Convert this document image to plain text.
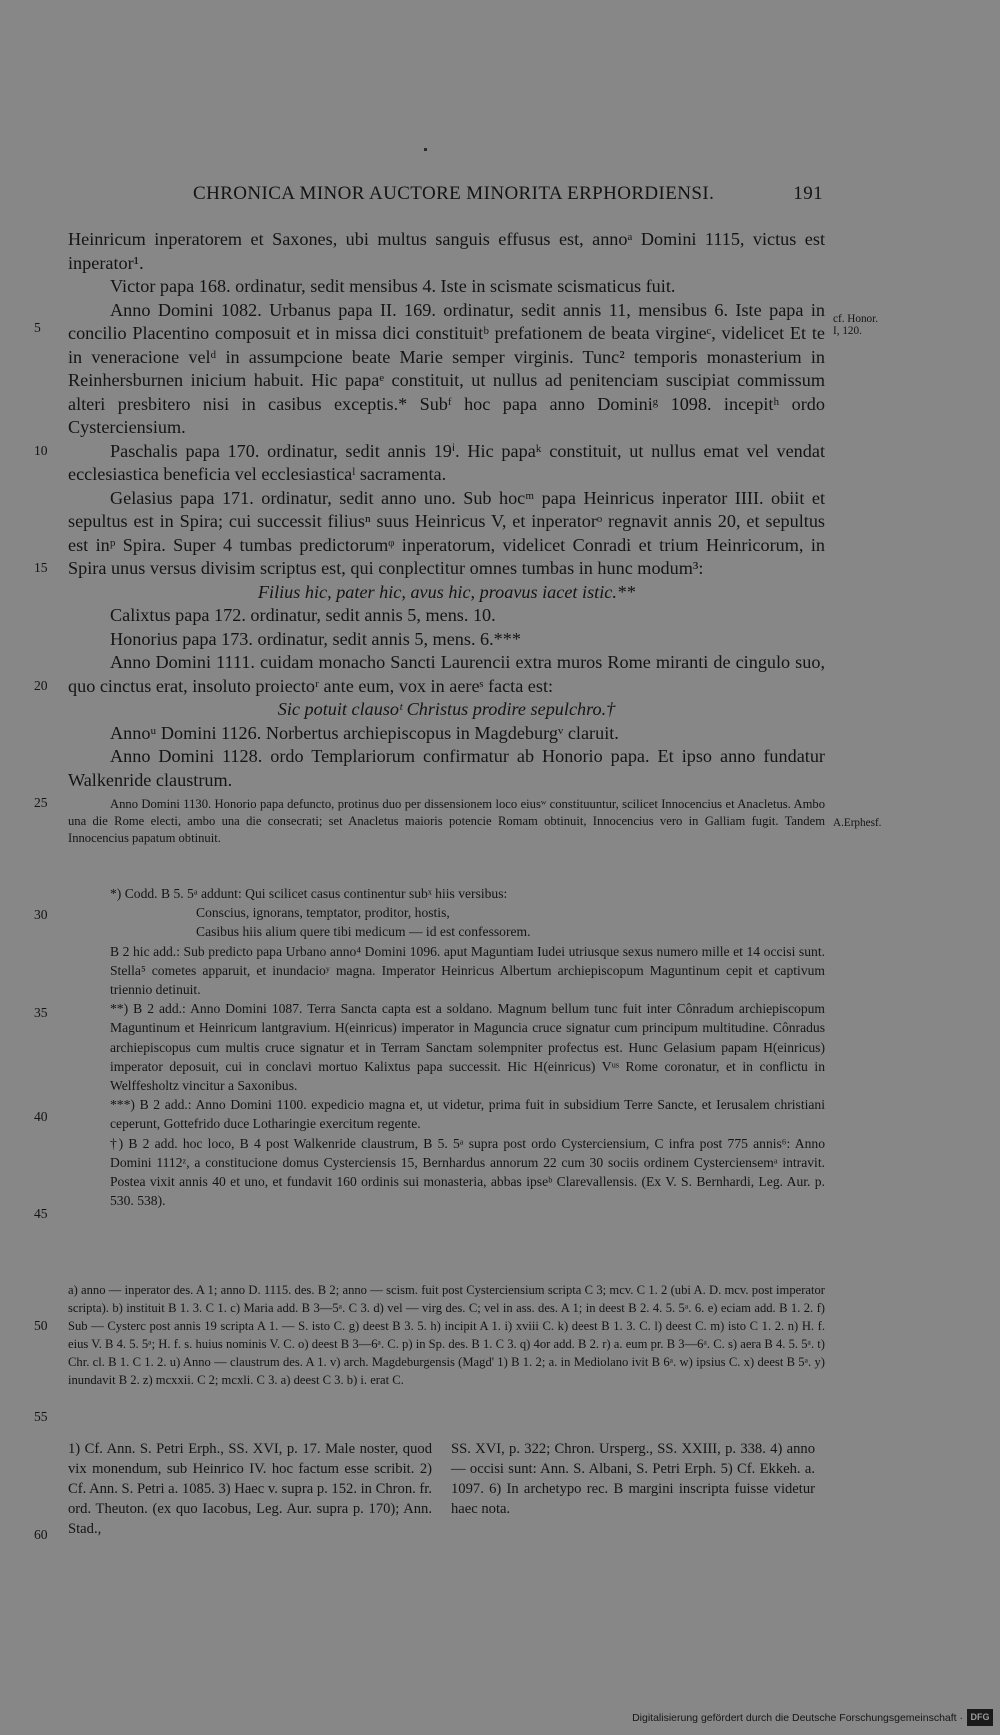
CHRONICA MINOR AUCTORE MINORITA ERPHORDIENSI.	191

Heinricum inperatorem et Saxones, ubi multus sanguis effusus est, annoᵃ Domini 1115, victus est inperator¹.

Victor papa 168. ordinatur, sedit mensibus 4. Iste in scismate scismaticus fuit.

Anno Domini 1082. Urbanus papa II. 169. ordinatur, sedit annis 11, mensibus 6. Iste papa in concilio Placentino composuit et in missa dici constituitᵇ prefationem de beata virgineᶜ, videlicet Et te in veneracione velᵈ in assumpcione beate Marie semper virginis. Tunc² temporis monasterium in Reinhersburnen inicium habuit. Hic papaᵉ constituit, ut nullus ad penitenciam suscipiat commissum alteri presbitero nisi in casibus exceptis.* Subᶠ hoc papa anno Dominiᵍ 1098. incepitʰ ordo Cysterciensium.

Paschalis papa 170. ordinatur, sedit annis 19ⁱ. Hic papaᵏ constituit, ut nullus emat vel vendat ecclesiastica beneficia vel ecclesiasticaˡ sacramenta.

Gelasius papa 171. ordinatur, sedit anno uno. Sub hocᵐ papa Heinricus inperator IIII. obiit et sepultus est in Spira; cui successit filiusⁿ suus Heinricus V, et inperatorᵒ regnavit annis 20, et sepultus est inᵖ Spira. Super 4 tumbas predictorumᵠ inperatorum, videlicet Conradi et trium Heinricorum, in Spira unus versus divisim scriptus est, qui conplectitur omnes tumbas in hunc modum³:

Filius hic, pater hic, avus hic, proavus iacet istic.**

Calixtus papa 172. ordinatur, sedit annis 5, mens. 10.

Honorius papa 173. ordinatur, sedit annis 5, mens. 6.***

Anno Domini 1111. cuidam monacho Sancti Laurencii extra muros Rome miranti de cingulo suo, quo cinctus erat, insoluto proiectoʳ ante eum, vox in aereˢ facta est:

Sic potuit clausoᵗ Christus prodire sepulchro.†

Annoᵘ Domini 1126. Norbertus archiepiscopus in Magdeburgᵛ claruit.

Anno Domini 1128. ordo Templariorum confirmatur ab Honorio papa. Et ipso anno fundatur Walkenride claustrum.

Anno Domini 1130. Honorio papa defuncto, protinus duo per dissensionem loco eiusʷ constituuntur, scilicet Innocencius et Anacletus. Ambo una die Rome electi, ambo una die consecrati; set Anacletus maioris potencie Romam obtinuit, Innocencius vero in Galliam fugit. Tandem Innocencius papatum obtinuit.

*) Codd. B 5. 5ᵃ addunt: Qui scilicet casus continentur subˣ hiis versibus:

Conscius, ignorans, temptator, proditor, hostis,

Casibus hiis alium quere tibi medicum — id est confessorem.

B 2 hic add.: Sub predicto papa Urbano anno⁴ Domini 1096. aput Maguntiam Iudei utriusque sexus numero mille et 14 occisi sunt. Stella⁵ cometes apparuit, et inundacioʸ magna. Imperator Heinricus Albertum archiepiscopum Maguntinum cepit et captivum triennio detinuit.

**) B 2 add.: Anno Domini 1087. Terra Sancta capta est a soldano. Magnum bellum tunc fuit inter Cônradum archiepiscopum Maguntinum et Heinricum lantgravium. H(einricus) imperator in Maguncia cruce signatur cum principum multitudine. Cônradus archiepiscopus cum multis cruce signatur et in Terram Sanctam solempniter profectus est. Hunc Gelasium papam H(einricus) imperator deposuit, cui in conclavi mortuo Kalixtus papa successit. Hic H(einricus) Vᵘˢ Rome coronatur, et in conflictu in Welffesholtz vincitur a Saxonibus.

***) B 2 add.: Anno Domini 1100. expedicio magna et, ut videtur, prima fuit in subsidium Terre Sancte, et Ierusalem christiani ceperunt, Gottefrido duce Lotharingie exercitum regente.

†) B 2 add. hoc loco, B 4 post Walkenride claustrum, B 5. 5ᵃ supra post ordo Cysterciensium, C infra post 775 annis⁶: Anno Domini 1112ᶻ, a constitucione domus Cysterciensis 15, Bernhardus annorum 22 cum 30 sociis ordinem Cysterciensemᵃ intravit. Postea vixit annis 40 et uno, et fundavit 160 ordinis sui monasteria, abbas ipseᵇ Clarevallensis. (Ex V. S. Bernhardi, Leg. Aur. p. 530. 538).

a) anno — inperator des. A 1; anno D. 1115. des. B 2; anno — scism. fuit post Cysterciensium scripta C 3; mcv. C 1. 2 (ubi A. D. mcv. post imperator scripta). b) instituit B 1. 3. C 1. c) Maria add. B 3—5ᵃ. C 3. d) vel — virg des. C; vel in ass. des. A 1; in deest B 2. 4. 5. 5ᵃ. 6. e) eciam add. B 1. 2. f) Sub — Cysterc post annis 19 scripta A 1. — S. isto C. g) deest B 3. 5. h) incipit A 1. i) xviii C. k) deest B 1. 3. C. l) deest C. m) isto C 1. 2. n) H. f. eius V. B 4. 5. 5ᵃ; H. f. s. huius nominis V. C. o) deest B 3—6ᵃ. C. p) in Sp. des. B 1. C 3. q) 4or add. B 2. r) a. eum pr. B 3—6ᵃ. C. s) aera B 4. 5. 5ᵃ. t) Chr. cl. B 1. C 1. 2. u) Anno — claustrum des. A 1. v) arch. Magdeburgensis (Magd' 1) B 1. 2; a. in Mediolano ivit B 6ᵃ. w) ipsius C. x) deest B 5ᵃ. y) inundavit B 2. z) mcxxii. C 2; mcxli. C 3. a) deest C 3. b) i. erat C.

1) Cf. Ann. S. Petri Erph., SS. XVI, p. 17. Male noster, quod vix monendum, sub Heinrico IV. hoc factum esse scribit. 2) Cf. Ann. S. Petri a. 1085. 3) Haec v. supra p. 152. in Chron. fr. ord. Theuton. (ex quo Iacobus, Leg. Aur. supra p. 170); Ann. Stad.,

SS. XVI, p. 322; Chron. Ursperg., SS. XXIII, p. 338. 4) anno — occisi sunt: Ann. S. Albani, S. Petri Erph. 5) Cf. Ekkeh. a. 1097. 6) In archetypo rec. B margini inscripta fuisse videtur haec nota.

5
10
15
20
25
30
35
40
45
50
55
60
cf. Honor. I, 120.
A.Erphesf.
Digitalisierung gefördert durch die Deutsche Forschungsgemeinschaft · DFG
